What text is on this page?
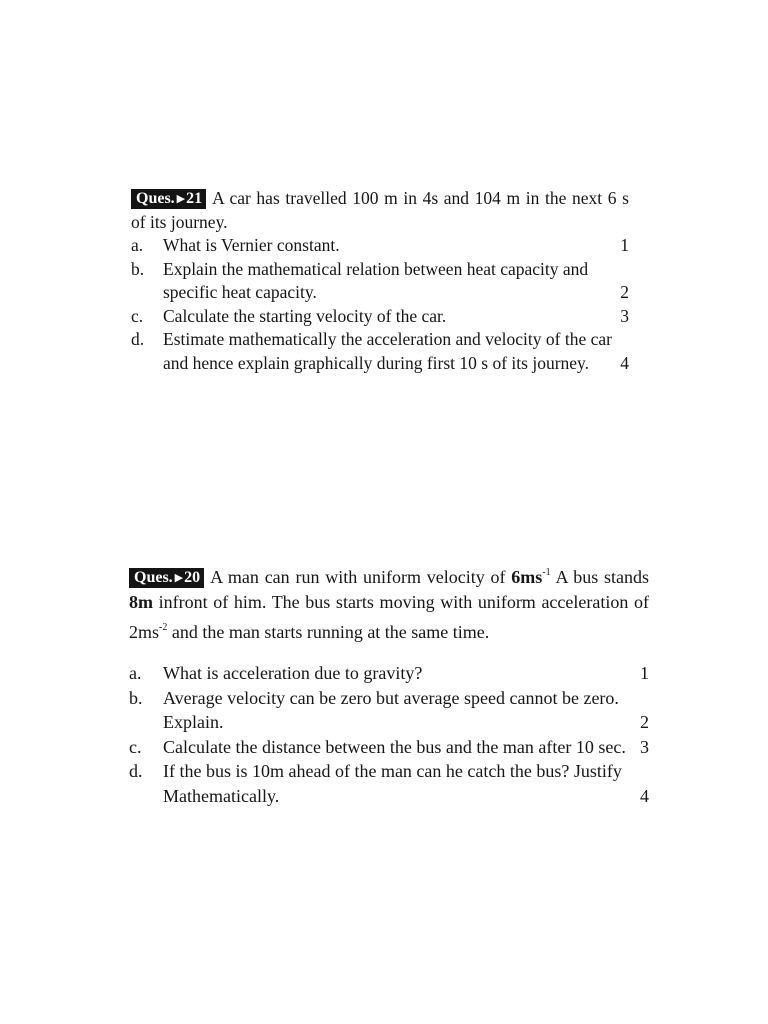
Ques. ▶21 A car has travelled 100 m in 4s and 104 m in the next 6 s of its journey.

a.	What is Vernier constant.	1
b.	Explain the mathematical relation between heat capacity and specific heat capacity.	2
c.	Calculate the starting velocity of the car.	3
d.	Estimate mathematically the acceleration and velocity of the car and hence explain graphically during first 10 s of its journey. 4

Ques. ▶20 A man can run with uniform velocity of $6ms^{-1}$ A bus stands 8m infront of him. The bus starts moving with uniform acceleration of $2ms^{-2}$ and the man starts running at the same time.

a.	What is acceleration due to gravity?	1
b.	Average velocity can be zero but average speed cannot be zero. Explain.	2
c.	Calculate the distance between the bus and the man after 10 sec. 3
d.	If the bus is 10m ahead of the man can he catch the bus? Justify Mathematically.	4
